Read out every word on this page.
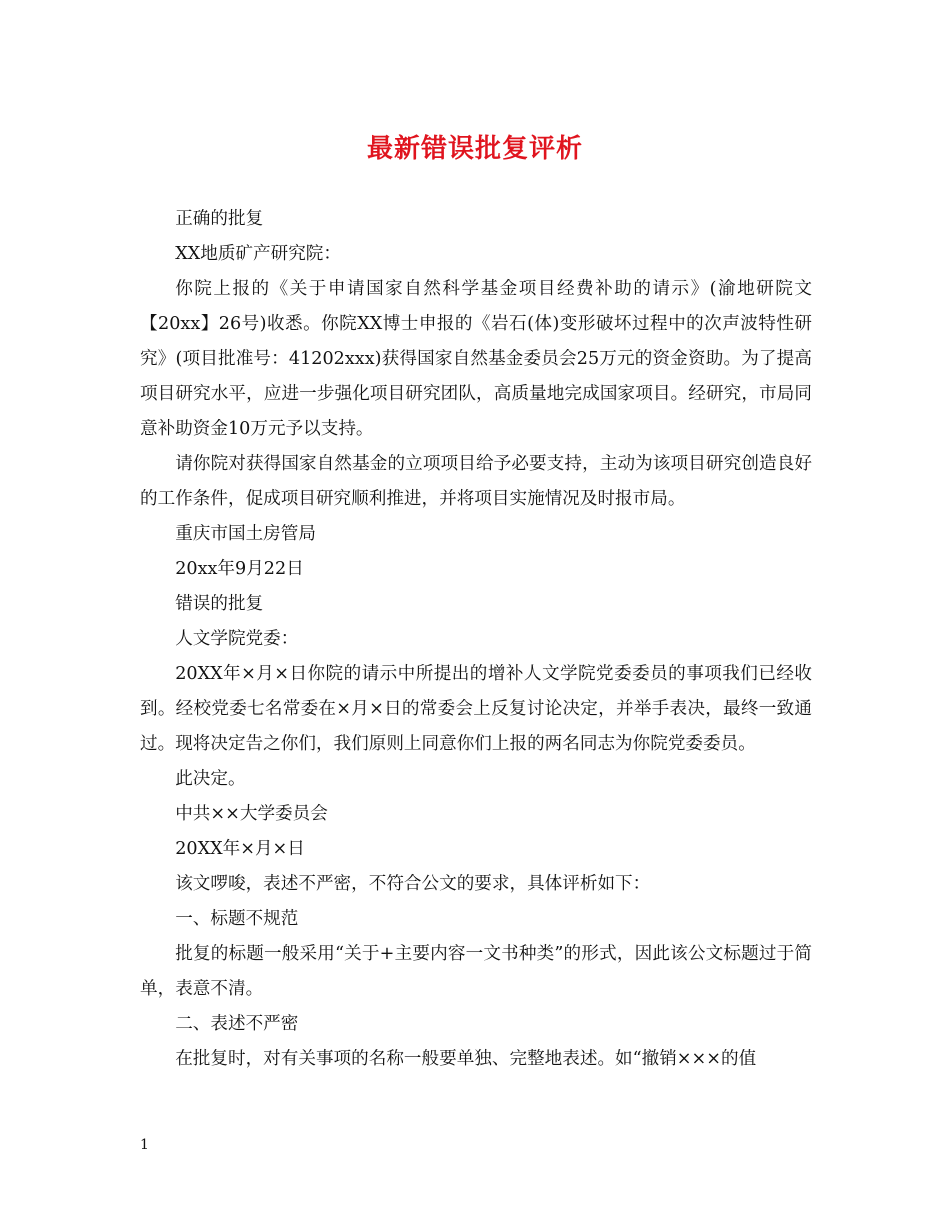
最新错误批复评析

正确的批复

XX地质矿产研究院：

你院上报的《关于申请国家自然科学基金项目经费补助的请示》(渝地研院文【20xx】26号)收悉。你院XX博士申报的《岩石(体)变形破坏过程中的次声波特性研究》(项目批准号：41202xxx)获得国家自然基金委员会25万元的资金资助。为了提高项目研究水平，应进一步强化项目研究团队，高质量地完成国家项目。经研究，市局同意补助资金10万元予以支持。

请你院对获得国家自然基金的立项项目给予必要支持，主动为该项目研究创造良好的工作条件，促成项目研究顺利推进，并将项目实施情况及时报市局。

重庆市国土房管局

20xx年9月22日

错误的批复

人文学院党委：

20XX年×月×日你院的请示中所提出的增补人文学院党委委员的事项我们已经收到。经校党委七名常委在×月×日的常委会上反复讨论决定，并举手表决，最终一致通过。现将决定告之你们，我们原则上同意你们上报的两名同志为你院党委委员。

此决定。

中共××大学委员会

20XX年×月×日

该文啰唆，表述不严密，不符合公文的要求，具体评析如下：

一、标题不规范

批复的标题一般采用“关于+主要内容一文书种类”的形式，因此该公文标题过于简单，表意不清。

二、表述不严密

在批复时，对有关事项的名称一般要单独、完整地表述。如“撤销×××的值

1
